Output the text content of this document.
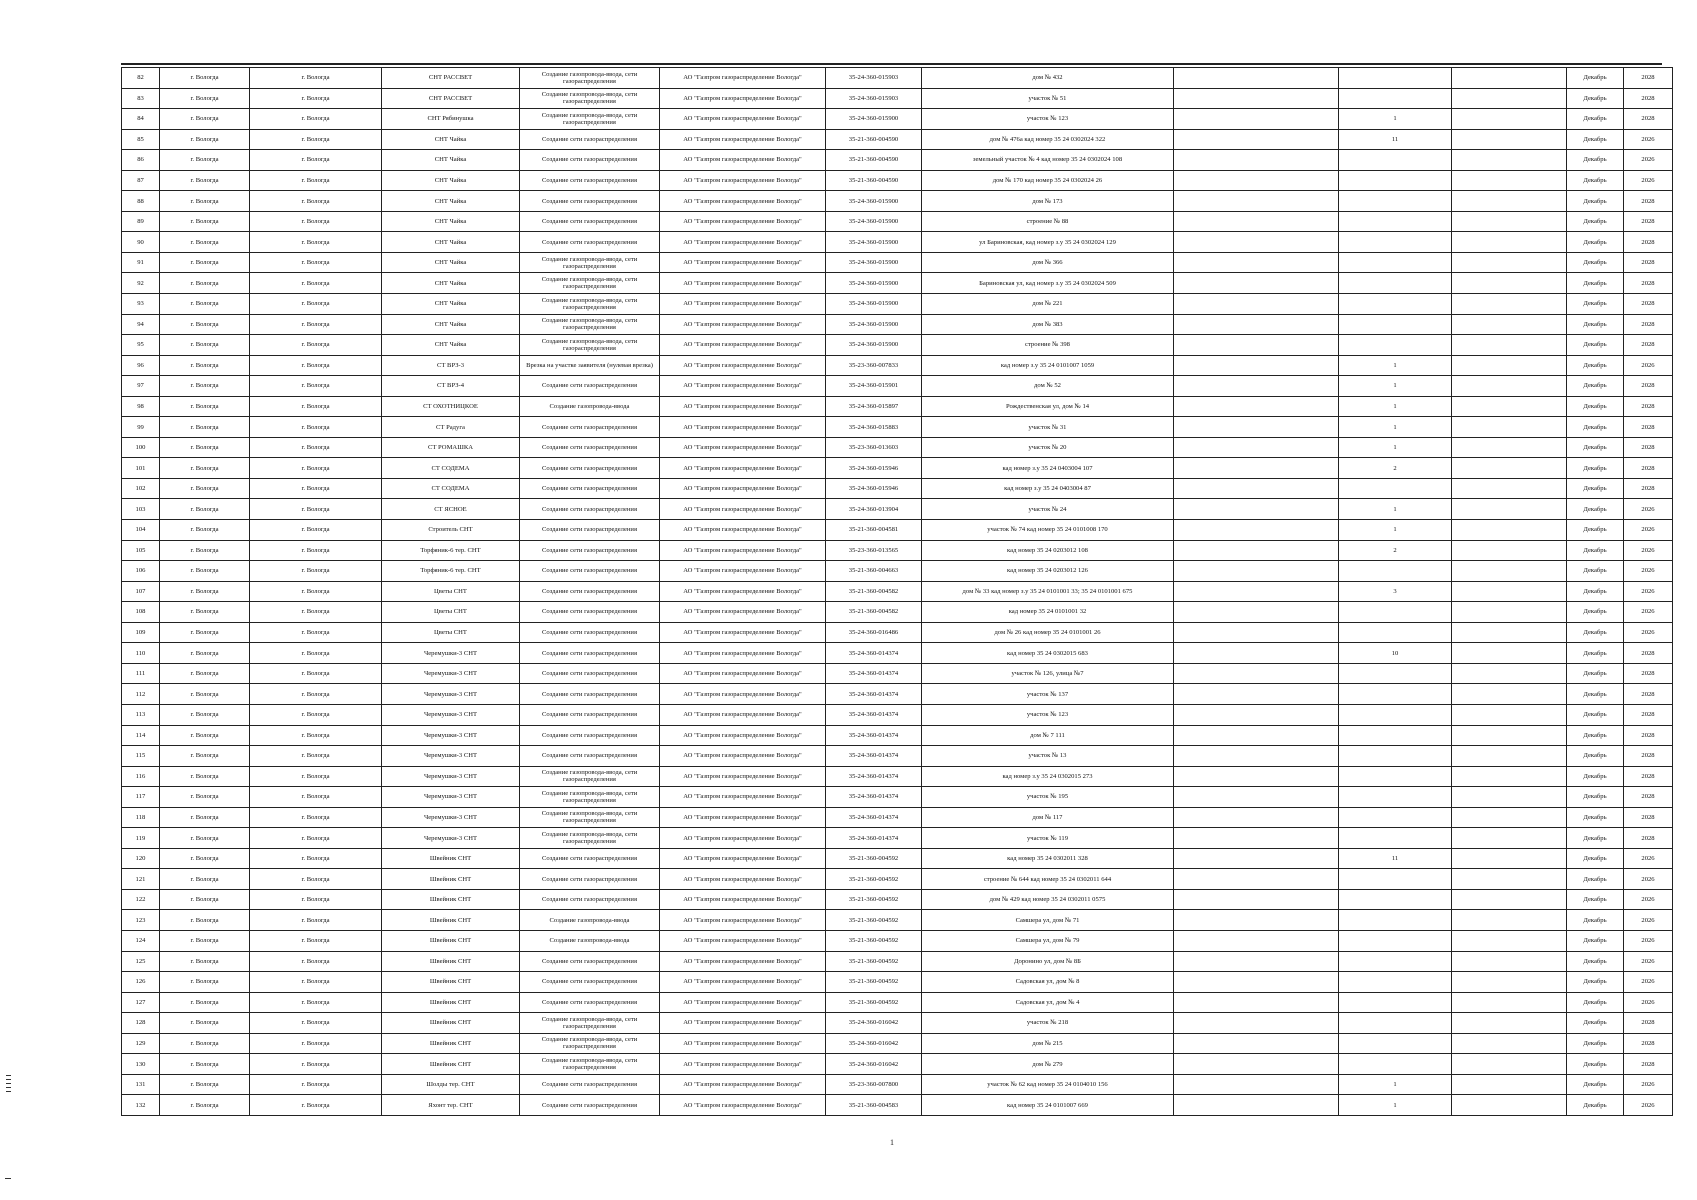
82	г. Вологда	г. Вологда	СНТ РАССВЕТ	Создание газопровода-ввода, сети газораспределения	АО "Газпром газораспределение Вологда"	35-24-360-015903	дом № 432				Декабрь	2028
83	г. Вологда	г. Вологда	СНТ РАССВЕТ	Создание газопровода-ввода, сети газораспределения	АО "Газпром газораспределение Вологда"	35-24-360-015903	участок № 51				Декабрь	2028
84	г. Вологда	г. Вологда	СНТ Рябинушка	Создание газопровода-ввода, сети газораспределения	АО "Газпром газораспределение Вологда"	35-24-360-015900	участок № 123		1		Декабрь	2028
85	г. Вологда	г. Вологда	СНТ Чайка	Создание сети газораспределения	АО "Газпром газораспределение Вологда"	35-21-360-004590	дом № 476а кад номер 35 24 0302024 322		11		Декабрь	2026
86	г. Вологда	г. Вологда	СНТ Чайка	Создание сети газораспределения	АО "Газпром газораспределение Вологда"	35-21-360-004590	земельный участок № 4 кад номер 35 24 0302024 108				Декабрь	2026
87	г. Вологда	г. Вологда	СНТ Чайка	Создание сети газораспределения	АО "Газпром газораспределение Вологда"	35-21-360-004590	дом № 170 кад номер 35 24 0302024 26				Декабрь	2026
88	г. Вологда	г. Вологда	СНТ Чайка	Создание сети газораспределения	АО "Газпром газораспределение Вологда"	35-24-360-015900	дом № 173				Декабрь	2028
89	г. Вологда	г. Вологда	СНТ Чайка	Создание сети газораспределения	АО "Газпром газораспределение Вологда"	35-24-360-015900	строение № 88				Декабрь	2028
90	г. Вологда	г. Вологда	СНТ Чайка	Создание сети газораспределения	АО "Газпром газораспределение Вологда"	35-24-360-015900	ул Бариновская, кад номер з.у 35 24 0302024 129				Декабрь	2028
91	г. Вологда	г. Вологда	СНТ Чайка	Создание газопровода-ввода, сети газораспределения	АО "Газпром газораспределение Вологда"	35-24-360-015900	дом № 366				Декабрь	2028
92	г. Вологда	г. Вологда	СНТ Чайка	Создание газопровода-ввода, сети газораспределения	АО "Газпром газораспределение Вологда"	35-24-360-015900	Бариновская ул, кад номер з.у 35 24 0302024 509				Декабрь	2028
93	г. Вологда	г. Вологда	СНТ Чайка	Создание газопровода-ввода, сети газораспределения	АО "Газпром газораспределение Вологда"	35-24-360-015900	дом № 221				Декабрь	2028
94	г. Вологда	г. Вологда	СНТ Чайка	Создание газопровода-ввода, сети газораспределения	АО "Газпром газораспределение Вологда"	35-24-360-015900	дом № 383				Декабрь	2028
95	г. Вологда	г. Вологда	СНТ Чайка	Создание газопровода-ввода, сети газораспределения	АО "Газпром газораспределение Вологда"	35-24-360-015900	строение № 398				Декабрь	2028
96	г. Вологда	г. Вологда	СТ ВРЗ-3	Врезка на участке заявителя (нулевая врезка)	АО "Газпром газораспределение Вологда"	35-23-360-007833	кад номер з.у 35 24 0101007 1059		1		Декабрь	2026
97	г. Вологда	г. Вологда	СТ ВРЗ-4	Создание сети газораспределения	АО "Газпром газораспределение Вологда"	35-24-360-015901	дом № 52		1		Декабрь	2028
98	г. Вологда	г. Вологда	СТ ОХОТНИЦКОЕ	Создание газопровода-ввода	АО "Газпром газораспределение Вологда"	35-24-360-015897	Рождественская ул, дом № 14		1		Декабрь	2028
99	г. Вологда	г. Вологда	СТ Радуга	Создание сети газораспределения	АО "Газпром газораспределение Вологда"	35-24-360-015883	участок № 31		1		Декабрь	2028
100	г. Вологда	г. Вологда	СТ РОМАШКА	Создание сети газораспределения	АО "Газпром газораспределение Вологда"	35-23-360-013603	участок № 20		1		Декабрь	2028
101	г. Вологда	г. Вологда	СТ СОДЕМА	Создание сети газораспределения	АО "Газпром газораспределение Вологда"	35-24-360-015946	кад номер з.у 35 24 0403004 107		2		Декабрь	2028
102	г. Вологда	г. Вологда	СТ СОДЕМА	Создание сети газораспределения	АО "Газпром газораспределение Вологда"	35-24-360-015946	кад номер з.у 35 24 0403004 87				Декабрь	2028
103	г. Вологда	г. Вологда	СТ ЯСНОЕ	Создание сети газораспределения	АО "Газпром газораспределение Вологда"	35-24-360-013904	участок № 24		1		Декабрь	2026
104	г. Вологда	г. Вологда	Строитель СНТ	Создание сети газораспределения	АО "Газпром газораспределение Вологда"	35-21-360-004581	участок № 74 кад номер 35 24 0101008 170		1		Декабрь	2026
105	г. Вологда	г. Вологда	Торфяник-6 тер. СНТ	Создание сети газораспределения	АО "Газпром газораспределение Вологда"	35-23-360-013565	кад номер 35 24 0203012 108		2		Декабрь	2026
106	г. Вологда	г. Вологда	Торфяник-6 тер. СНТ	Создание сети газораспределения	АО "Газпром газораспределение Вологда"	35-21-360-004663	кад номер 35 24 0203012 126				Декабрь	2026
107	г. Вологда	г. Вологда	Цветы СНТ	Создание сети газораспределения	АО "Газпром газораспределение Вологда"	35-21-360-004582	дом № 33 кад номер з.у 35 24 0101001 33; 35 24 0101001 675		3		Декабрь	2026
108	г. Вологда	г. Вологда	Цветы СНТ	Создание сети газораспределения	АО "Газпром газораспределение Вологда"	35-21-360-004582	кад номер 35 24 0101001 32				Декабрь	2026
109	г. Вологда	г. Вологда	Цветы СНТ	Создание сети газораспределения	АО "Газпром газораспределение Вологда"	35-24-360-016486	дом № 26 кад номер 35 24 0101001 26				Декабрь	2026
110	г. Вологда	г. Вологда	Черемушки-3 СНТ	Создание сети газораспределения	АО "Газпром газораспределение Вологда"	35-24-360-014374	кад номер 35 24 0302015 683		10		Декабрь	2028
111	г. Вологда	г. Вологда	Черемушки-3 СНТ	Создание сети газораспределения	АО "Газпром газораспределение Вологда"	35-24-360-014374	участок № 126, улица №7				Декабрь	2028
112	г. Вологда	г. Вологда	Черемушки-3 СНТ	Создание сети газораспределения	АО "Газпром газораспределение Вологда"	35-24-360-014374	участок № 137				Декабрь	2028
113	г. Вологда	г. Вологда	Черемушки-3 СНТ	Создание сети газораспределения	АО "Газпром газораспределение Вологда"	35-24-360-014374	участок № 123				Декабрь	2028
114	г. Вологда	г. Вологда	Черемушки-3 СНТ	Создание сети газораспределения	АО "Газпром газораспределение Вологда"	35-24-360-014374	дом № 7 111				Декабрь	2028
115	г. Вологда	г. Вологда	Черемушки-3 СНТ	Создание сети газораспределения	АО "Газпром газораспределение Вологда"	35-24-360-014374	участок № 13				Декабрь	2028
116	г. Вологда	г. Вологда	Черемушки-3 СНТ	Создание газопровода-ввода, сети газораспределения	АО "Газпром газораспределение Вологда"	35-24-360-014374	кад номер з.у 35 24 0302015 273				Декабрь	2028
117	г. Вологда	г. Вологда	Черемушки-3 СНТ	Создание газопровода-ввода, сети газораспределения	АО "Газпром газораспределение Вологда"	35-24-360-014374	участок № 195				Декабрь	2028
118	г. Вологда	г. Вологда	Черемушки-3 СНТ	Создание газопровода-ввода, сети газораспределения	АО "Газпром газораспределение Вологда"	35-24-360-014374	дом № 117				Декабрь	2028
119	г. Вологда	г. Вологда	Черемушки-3 СНТ	Создание газопровода-ввода, сети газораспределения	АО "Газпром газораспределение Вологда"	35-24-360-014374	участок № 119				Декабрь	2028
120	г. Вологда	г. Вологда	Швейник СНТ	Создание сети газораспределения	АО "Газпром газораспределение Вологда"	35-21-360-004592	кад номер 35 24 0302011 328		11		Декабрь	2026
121	г. Вологда	г. Вологда	Швейник СНТ	Создание сети газораспределения	АО "Газпром газораспределение Вологда"	35-21-360-004592	строение № 644 кад номер 35 24 0302011 644				Декабрь	2026
122	г. Вологда	г. Вологда	Швейник СНТ	Создание сети газораспределения	АО "Газпром газораспределение Вологда"	35-21-360-004592	дом № 429 кад номер 35 24 0302011 0575				Декабрь	2026
123	г. Вологда	г. Вологда	Швейник СНТ	Создание газопровода-ввода	АО "Газпром газораспределение Вологда"	35-21-360-004592	Самшера ул, дом № 71				Декабрь	2026
124	г. Вологда	г. Вологда	Швейник СНТ	Создание газопровода-ввода	АО "Газпром газораспределение Вологда"	35-21-360-004592	Самшера ул, дом № 79				Декабрь	2026
125	г. Вологда	г. Вологда	Швейник СНТ	Создание сети газораспределения	АО "Газпром газораспределение Вологда"	35-21-360-004592	Доронино ул, дом № 8Б				Декабрь	2026
126	г. Вологда	г. Вологда	Швейник СНТ	Создание сети газораспределения	АО "Газпром газораспределение Вологда"	35-21-360-004592	Садовская ул, дом № 8				Декабрь	2026
127	г. Вологда	г. Вологда	Швейник СНТ	Создание сети газораспределения	АО "Газпром газораспределение Вологда"	35-21-360-004592	Садовская ул, дом № 4				Декабрь	2026
128	г. Вологда	г. Вологда	Швейник СНТ	Создание газопровода-ввода, сети газораспределения	АО "Газпром газораспределение Вологда"	35-24-360-016042	участок № 218				Декабрь	2028
129	г. Вологда	г. Вологда	Швейник СНТ	Создание газопровода-ввода, сети газораспределения	АО "Газпром газораспределение Вологда"	35-24-360-016042	дом № 215				Декабрь	2028
130	г. Вологда	г. Вологда	Швейник СНТ	Создание газопровода-ввода, сети газораспределения	АО "Газпром газораспределение Вологда"	35-24-360-016042	дом № 279				Декабрь	2028
131	г. Вологда	г. Вологда	Шолды тер. СНТ	Создание сети газораспределения	АО "Газпром газораспределение Вологда"	35-23-360-007800	участок № 62 кад номер 35 24 0104010 156		1		Декабрь	2026
132	г. Вологда	г. Вологда	Яхонт тер. СНТ	Создание сети газораспределения	АО "Газпром газораспределение Вологда"	35-21-360-004583	кад номер 35 24 0101007 669		1		Декабрь	2026
1
